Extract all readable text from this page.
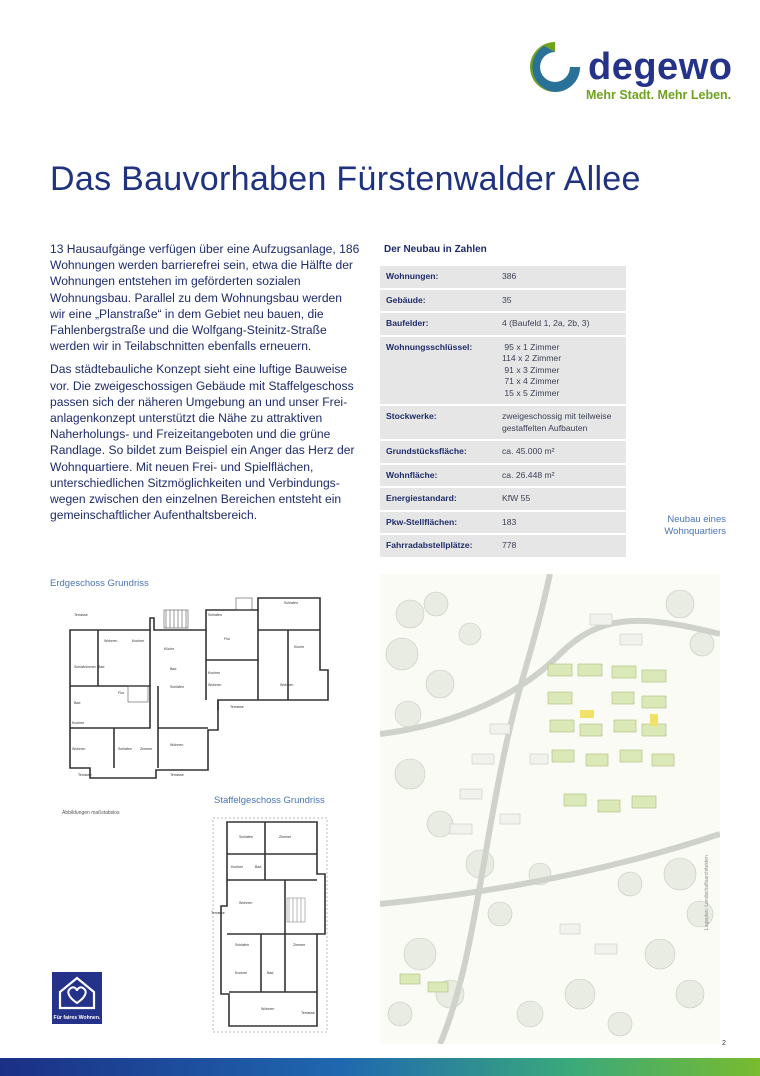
degewo
Mehr Stadt. Mehr Leben.
Das Bauvorhaben Fürstenwalder Allee

13 Hausaufgänge verfügen über eine Aufzugsanlage, 186 Wohnungen werden barrierefrei sein, etwa die Hälfte der Wohnungen entstehen im geförderten sozialen Wohnungsbau. Parallel zu dem Wohnungsbau werden wir eine „Planstraße“ in dem Gebiet neu bauen, die Fahlenbergstraße und die Wolfgang-Steinitz-Straße werden wir in Teilabschnitten ebenfalls erneuern.

Das städtebauliche Konzept sieht eine luftige Bauweise vor. Die zweigeschossigen Gebäude mit Staffelgeschoss passen sich der näheren Umgebung an und unser Frei-anlagenkonzept unterstützt die Nähe zu attraktiven Naherholungs- und Freizeitangeboten und die grüne Randlage. So bildet zum Beispiel ein Anger das Herz der Wohnquartiere. Mit neuen Frei- und Spielflächen, unterschiedlichen Sitzmöglichkeiten und Verbindungs-wegen zwischen den einzelnen Bereichen entsteht ein gemeinschaftlicher Aufenthaltsbereich.

Der Neubau in Zahlen
Wohnungen:	386
Gebäude:	35
Baufelder:	4 (Baufeld 1, 2a, 2b, 3)
Wohnungsschlüssel:	95 x 1 Zimmer
114 x 2 Zimmer
91 x 3 Zimmer
71 x 4 Zimmer
15 x 5 Zimmer

Stockwerke:	zweigeschossig mit teilweise
gestaffelten Aufbauten

Grundstücksfläche:	ca. 45.000 m²
Wohnfläche:	ca. 26.448 m²
Energiestandard:	KfW 55
Pkw-Stellflächen:	183
Fahrradabstellplätze:	778
Neubau eines Wohnquartiers
Erdgeschoss Grundriss
Terrasse
Wohnen	Kochen
Schlafzimmer Bad
Flur
Bad
Kochen
Wohnen	Schlafen Zimmer
Wohnen
Küche
Bad
Schlafen
Schlafen
Flur
Kochen
Wohnen
Schlafen
Küche
Wohnen
Terrasse
Terrasse
Terrasse
Abbildungen maßstabslos
Staffelgeschoss Grundriss
Schlafen	Zimmer
Kochen	Bad
Wohnen
Schlafen	Zimmer
Kochen	Bad
Wohnen
Terrasse
Terrasse
Lageplan: Landschaftsarchitekten
2
Für faires Wohnen.
